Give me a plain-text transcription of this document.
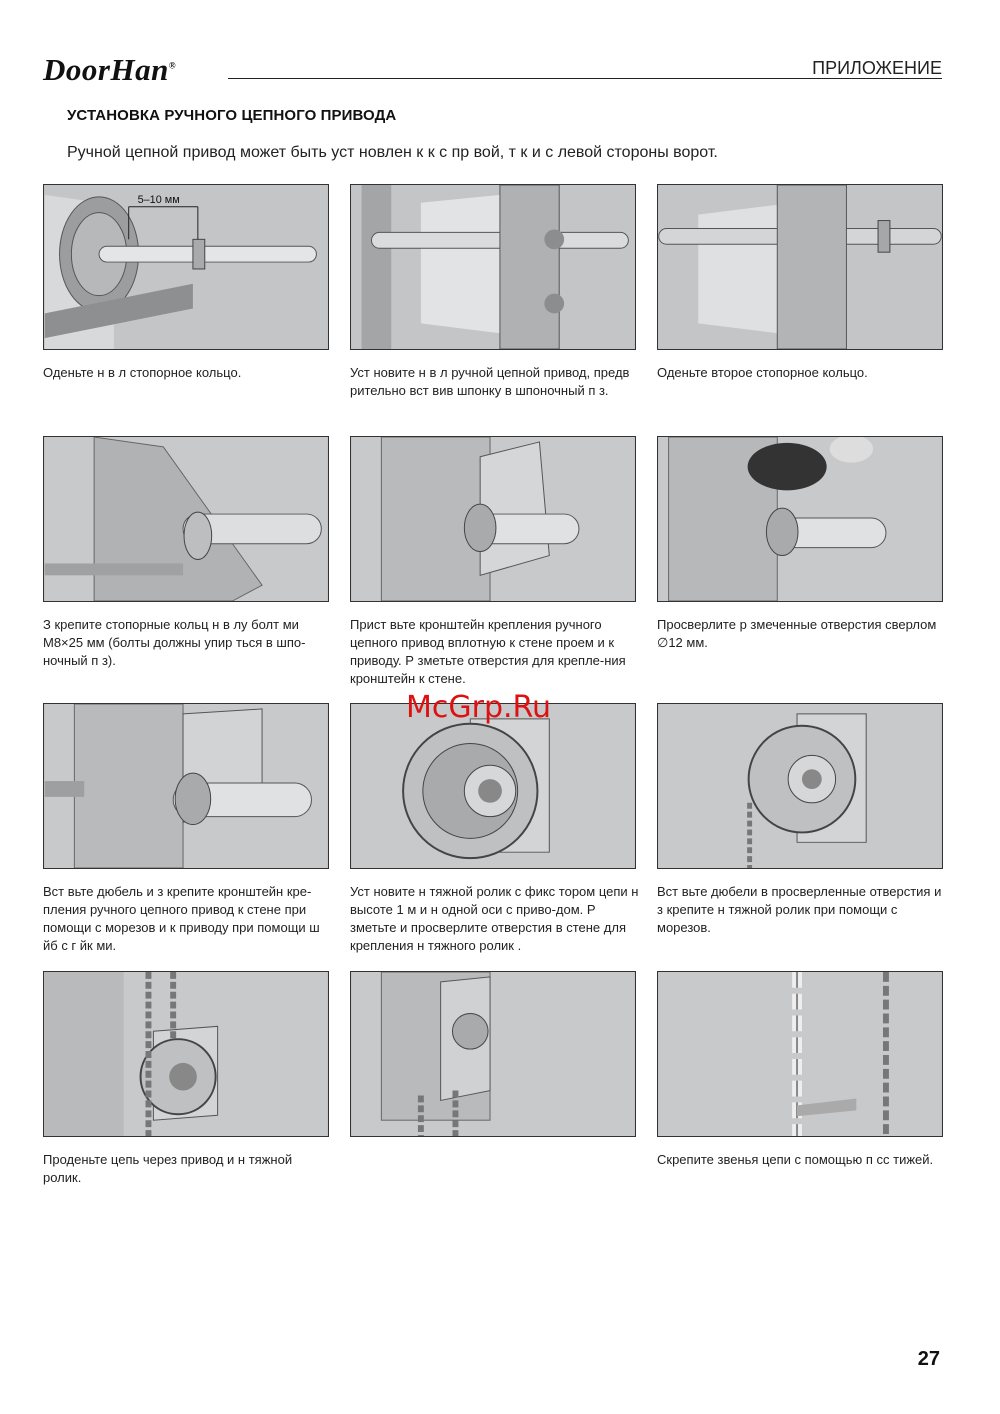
DoorHan®	ПРИЛОЖЕНИЕ
УСТАНОВКА РУЧНОГО ЦЕПНОГО ПРИВОДА
Ручной цепной привод может быть уст новлен к к с пр вой, т к и с левой стороны ворот.
5–10 мм
Оденьте н в л стопорное кольцо.	Уст новите н в л ручной цепной привод, предв рительно вст вив шпонку в шпоночный п з.
Оденьте второе стопорное кольцо.
З крепите стопорные кольц н в лу болт ми М8×25 мм (болты должны упир ться в шпо-ночный п з).
Прист вьте кронштейн крепления ручного цепного привод вплотную к стене проем и к приводу. Р зметьте отверстия для крепле-ния кронштейн к стене.
Просверлите р змеченные отверстия сверлом ∅12 мм.
Вст вьте дюбель и з крепите кронштейн кре-пления ручного цепного привод к стене при помощи с морезов и к приводу при помощи ш йб с г йк ми.
Уст новите н тяжной ролик с фикс тором цепи н высоте 1 м и н одной оси с приво-дом. Р зметьте и просверлите отверстия в стене для крепления н тяжного ролик .
Вст вьте дюбели в просверленные отверстия и з крепите н тяжной ролик при помощи с морезов.
Проденьте цепь через привод и н тяжной ролик.
Скрепите звенья цепи с помощью п сс тижей.
McGrp.Ru
27
